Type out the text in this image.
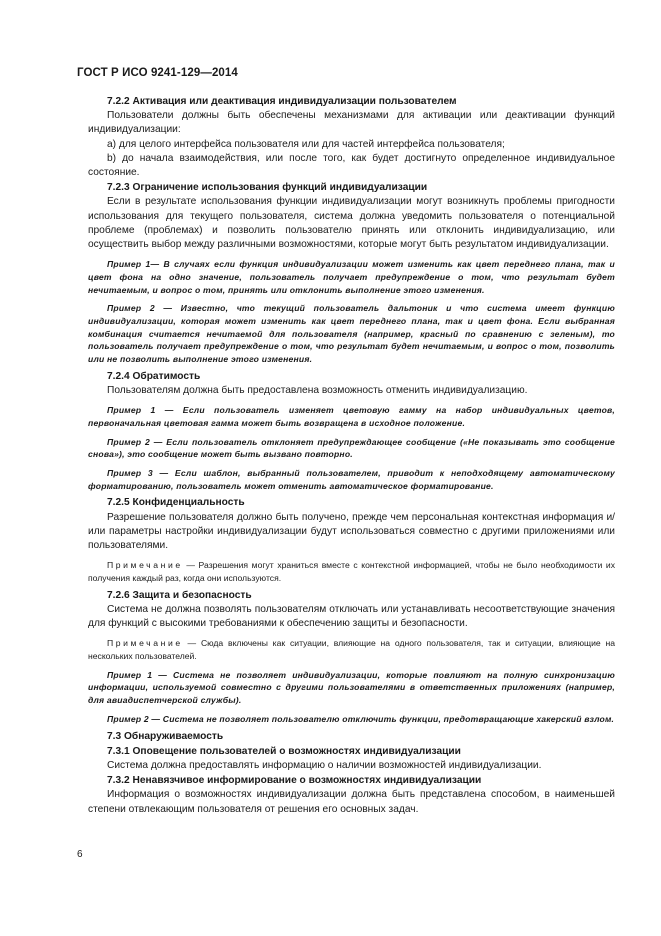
ГОСТ Р ИСО 9241-129—2014

7.2.2 Активация или деактивация индивидуализации пользователем

Пользователи должны быть обеспечены механизмами для активации или деактивации функций индивидуализации:

а) для целого интерфейса пользователя или для частей интерфейса пользователя;

b) до начала взаимодействия, или после того, как будет достигнуто определенное индивидуальное состояние.

7.2.3 Ограничение использования функций индивидуализации

Если в результате использования функции индивидуализации могут возникнуть проблемы пригодности использования для текущего пользователя, система должна уведомить пользователя о потенциальной проблеме (проблемах) и позволить пользователю принять или отклонить индивидуализацию, или осуществить выбор между различными возможностями, которые могут быть результатом индивидуализации.

Пример 1— В случаях если функция индивидуализации может изменить как цвет переднего плана, так и цвет фона на одно значение, пользователь получает предупреждение о том, что результат будет нечитаемым, и вопрос о том, принять или отклонить выполнение этого изменения.

Пример 2 — Известно, что текущий пользователь дальтоник и что система имеет функцию индивидуализации, которая может изменить как цвет переднего плана, так и цвет фона. Если выбранная комбинация считается нечитаемой для пользователя (например, красный по сравнению с зеленым), то пользователь получает предупреждение о том, что результат будет нечитаемым, и вопрос о том, позволить или не позволить выполнение этого изменения.

7.2.4 Обратимость

Пользователям должна быть предоставлена возможность отменить индивидуализацию.

Пример 1 — Если пользователь изменяет цветовую гамму на набор индивидуальных цветов, первоначальная цветовая гамма может быть возвращена в исходное положение.

Пример 2 — Если пользователь отклоняет предупреждающее сообщение («Не показывать это сообщение снова»), это сообщение может быть вызвано повторно.

Пример 3 — Если шаблон, выбранный пользователем, приводит к неподходящему автоматическому форматированию, пользователь может отменить автоматическое форматирование.

7.2.5 Конфиденциальность

Разрешение пользователя должно быть получено, прежде чем персональная контекстная информация и/или параметры настройки индивидуализации будут использоваться совместно с другими приложениями или пользователями.

Примечание — Разрешения могут храниться вместе с контекстной информацией, чтобы не было необходимости их получения каждый раз, когда они используются.

7.2.6 Защита и безопасность

Система не должна позволять пользователям отключать или устанавливать несоответствующие значения для функций с высокими требованиями к обеспечению защиты и безопасности.

Примечание — Сюда включены как ситуации, влияющие на одного пользователя, так и ситуации, влияющие на нескольких пользователей.

Пример 1 — Система не позволяет индивидуализации, которые повлияют на полную синхронизацию информации, используемой совместно с другими пользователями в ответственных приложениях (например, для авиадиспетчерской службы).

Пример 2 — Система не позволяет пользователю отключить функции, предотвращающие хакерский взлом.

7.3 Обнаруживаемость

7.3.1 Оповещение пользователей о возможностях индивидуализации

Система должна предоставлять информацию о наличии возможностей индивидуализации.

7.3.2 Ненавязчивое информирование о возможностях индивидуализации

Информация о возможностях индивидуализации должна быть представлена способом, в наименьшей степени отвлекающим пользователя от решения его основных задач.

6
